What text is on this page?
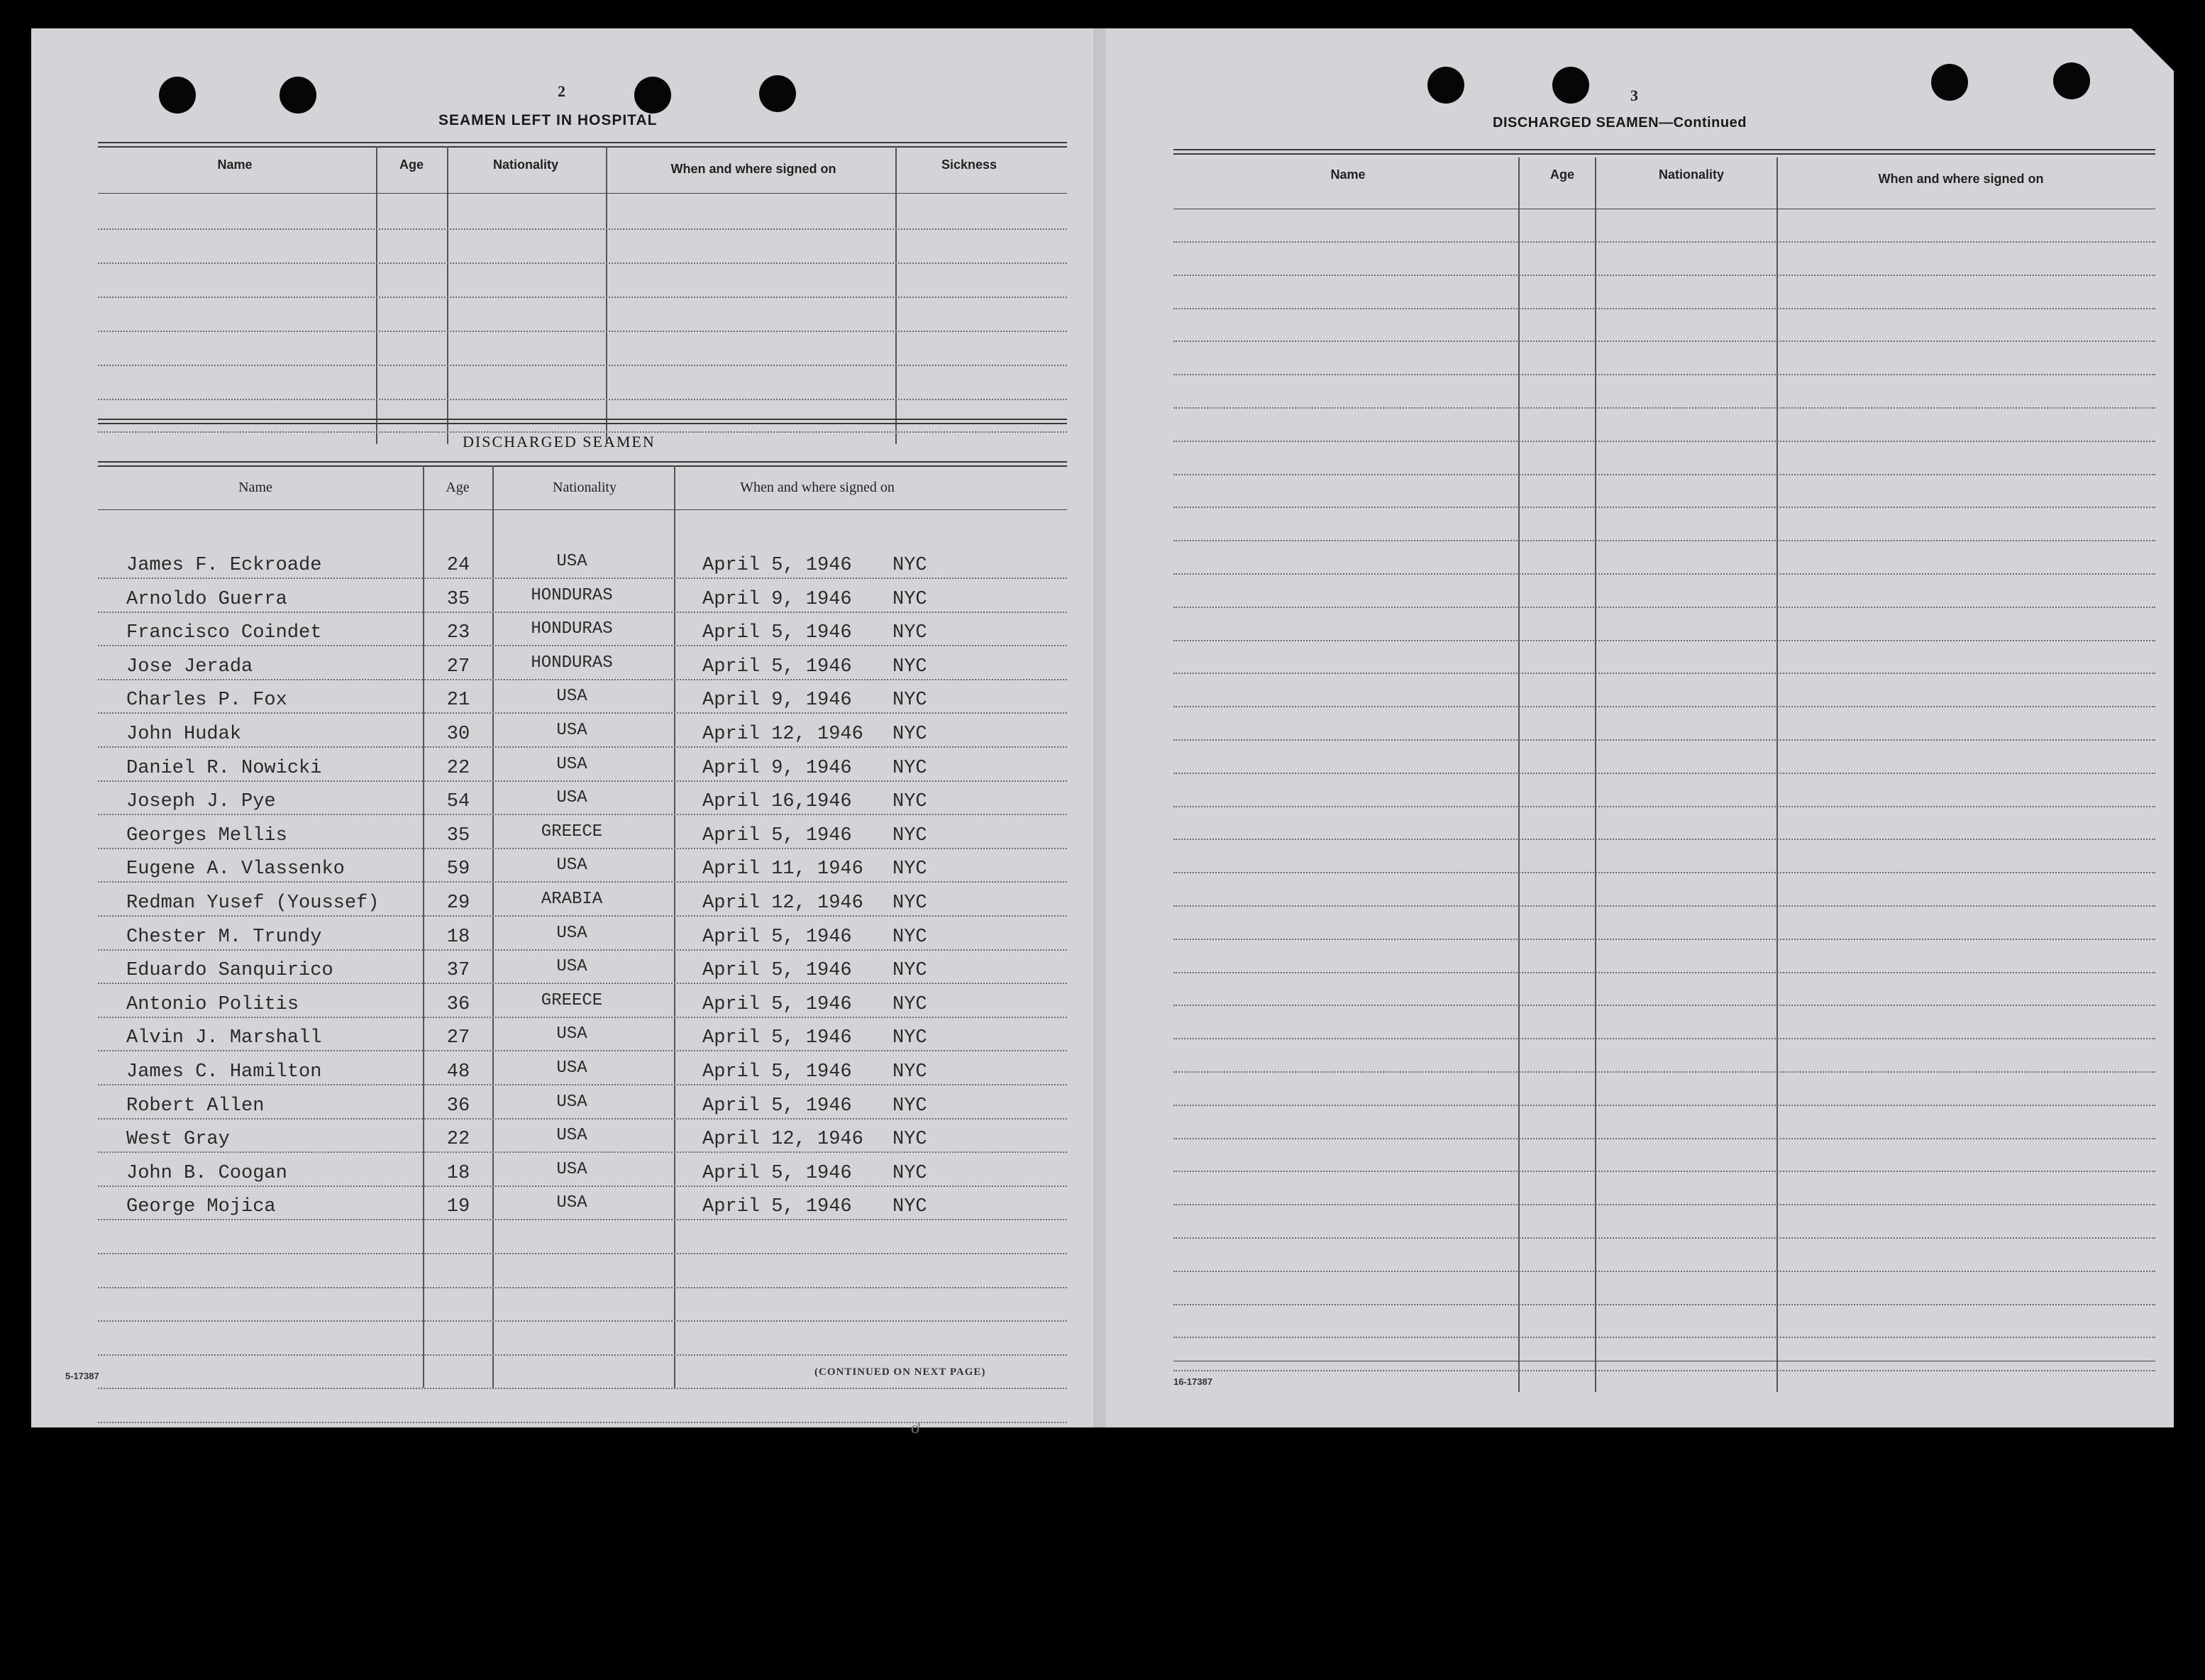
2
SEAMEN LEFT IN HOSPITAL
Name	Age	Nationality	When and where signed on	Sickness
DISCHARGED SEAMEN
Name	Age	Nationality	When and where signed on
James F. Eckroade	24	USA	April 5, 1946 NYC
Arnoldo Guerra	35	HONDURAS	April 9, 1946 NYC
Francisco Coindet	23	HONDURAS	April 5, 1946 NYC
Jose Jerada	27	HONDURAS	April 5, 1946 NYC
Charles P. Fox	21	USA	April 9, 1946 NYC
John Hudak	30	USA	April 12, 1946 NYC
Daniel R. Nowicki	22	USA	April 9, 1946 NYC
Joseph J. Pye	54	USA	April 16,1946 NYC
Georges Mellis	35	GREECE	April 5, 1946 NYC
Eugene A. Vlassenko	59	USA	April 11, 1946 NYC
Redman Yusef (Youssef)	29	ARABIA	April 12, 1946 NYC
Chester M. Trundy	18	USA	April 5, 1946 NYC
Eduardo Sanquirico	37	USA	April 5, 1946 NYC
Antonio Politis	36	GREECE	April 5, 1946 NYC
Alvin J. Marshall	27	USA	April 5, 1946 NYC
James C. Hamilton	48	USA	April 5, 1946 NYC
Robert Allen	36	USA	April 5, 1946 NYC
West Gray	22	USA	April 12, 1946 NYC
John B. Coogan	18	USA	April 5, 1946 NYC
George Mojica	19	USA	April 5, 1946 NYC
5-17387	(CONTINUED ON NEXT PAGE)
3
DISCHARGED SEAMEN—Continued
Name	Age	Nationality	When and where signed on
16-17387
ơ
